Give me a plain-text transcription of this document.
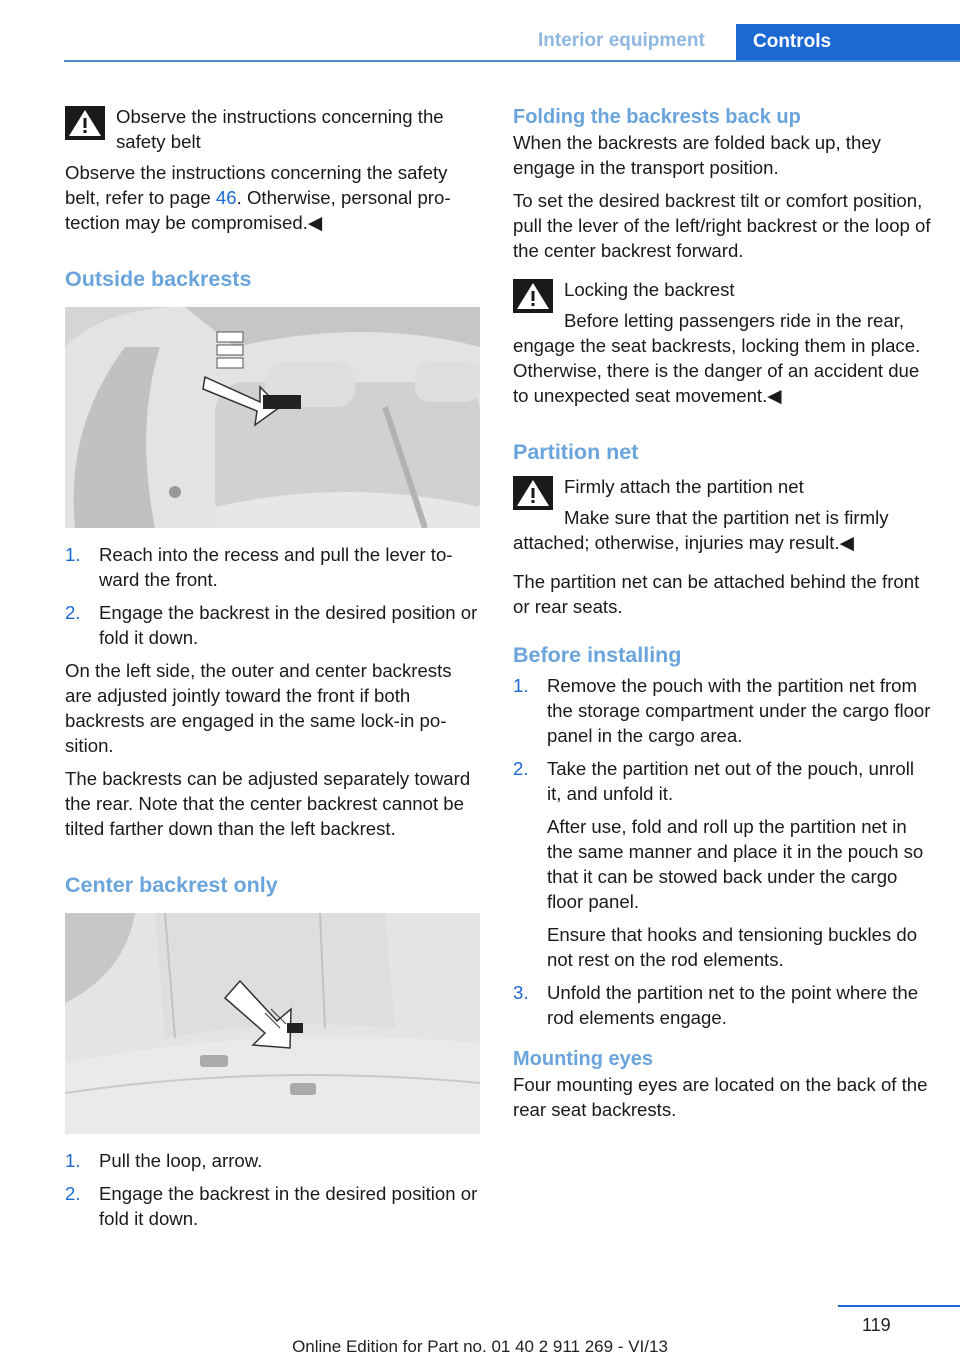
Interior equipment	Controls

Observe the instructions concerning the safety belt

Observe the instructions concerning the safety belt, refer to page 46. Otherwise, personal protection may be compromised.◀

Outside backrests
1. Reach into the recess and pull the lever toward the front.
2. Engage the backrest in the desired position or fold it down.

On the left side, the outer and center backrests are adjusted jointly toward the front if both backrests are engaged in the same lock-in position.

The backrests can be adjusted separately toward the rear. Note that the center backrest cannot be tilted farther down than the left backrest.

Center backrest only
1. Pull the loop, arrow.
2. Engage the backrest in the desired position or fold it down.
Folding the backrests back up

When the backrests are folded back up, they engage in the transport position.

To set the desired backrest tilt or comfort position, pull the lever of the left/right backrest or the loop of the center backrest forward.

Locking the backrest

Before letting passengers ride in the rear, engage the seat backrests, locking them in place. Otherwise, there is the danger of an accident due to unexpected seat movement.◀

Partition net

Firmly attach the partition net

Make sure that the partition net is firmly attached; otherwise, injuries may result.◀

The partition net can be attached behind the front or rear seats.

Before installing
1. Remove the pouch with the partition net from the storage compartment under the cargo floor panel in the cargo area.
2. Take the partition net out of the pouch, unroll it, and unfold it.
After use, fold and roll up the partition net in the same manner and place it in the pouch so that it can be stowed back under the cargo floor panel.
Ensure that hooks and tensioning buckles do not rest on the rod elements.
3. Unfold the partition net to the point where the rod elements engage.
Mounting eyes

Four mounting eyes are located on the back of the rear seat backrests.

119
Online Edition for Part no. 01 40 2 911 269 - VI/13
